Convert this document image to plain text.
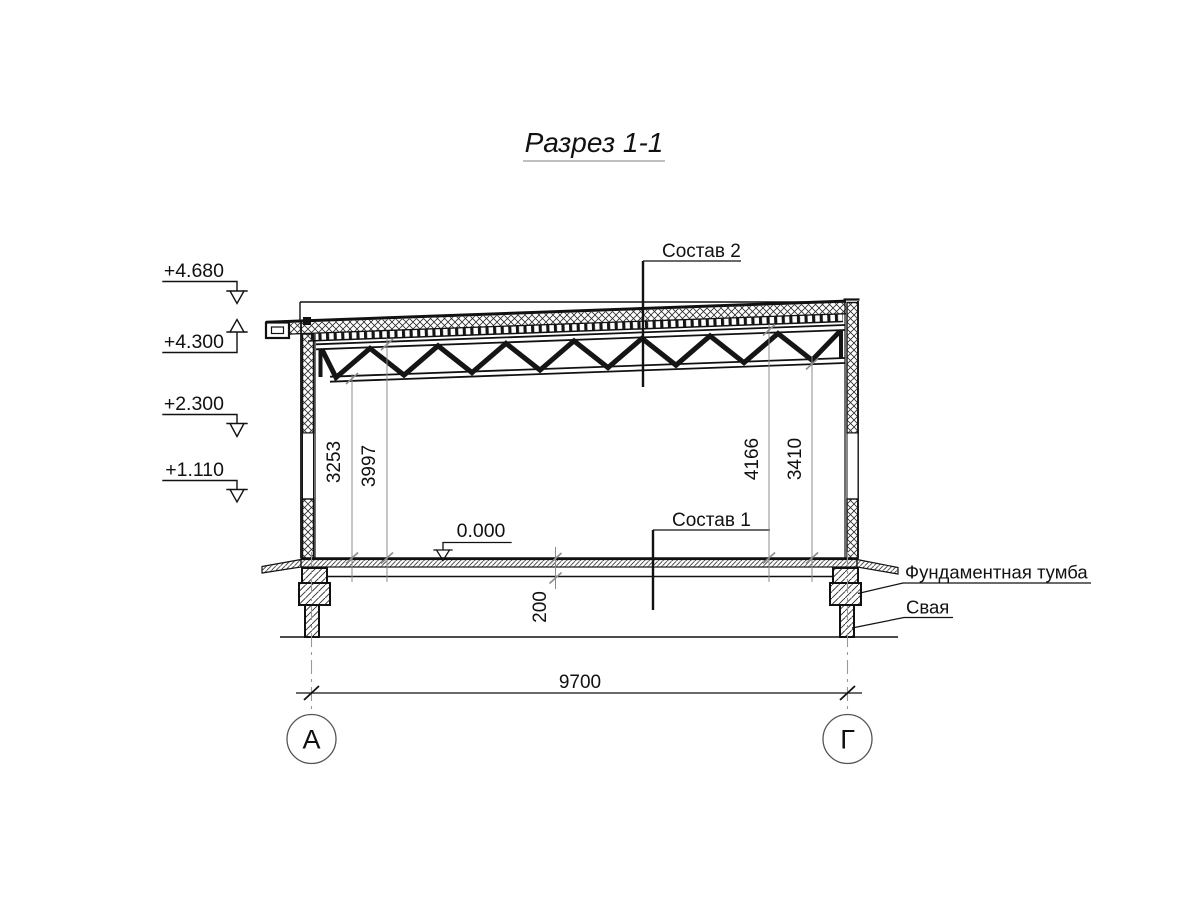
Разрез 1-1
+4.680
+4.300
+2.300
+1.110
0.000
Состав 2
Состав 1
Фундаментная тумба
Свая
3253 3997	4166 3410
200
9700
А	Г
